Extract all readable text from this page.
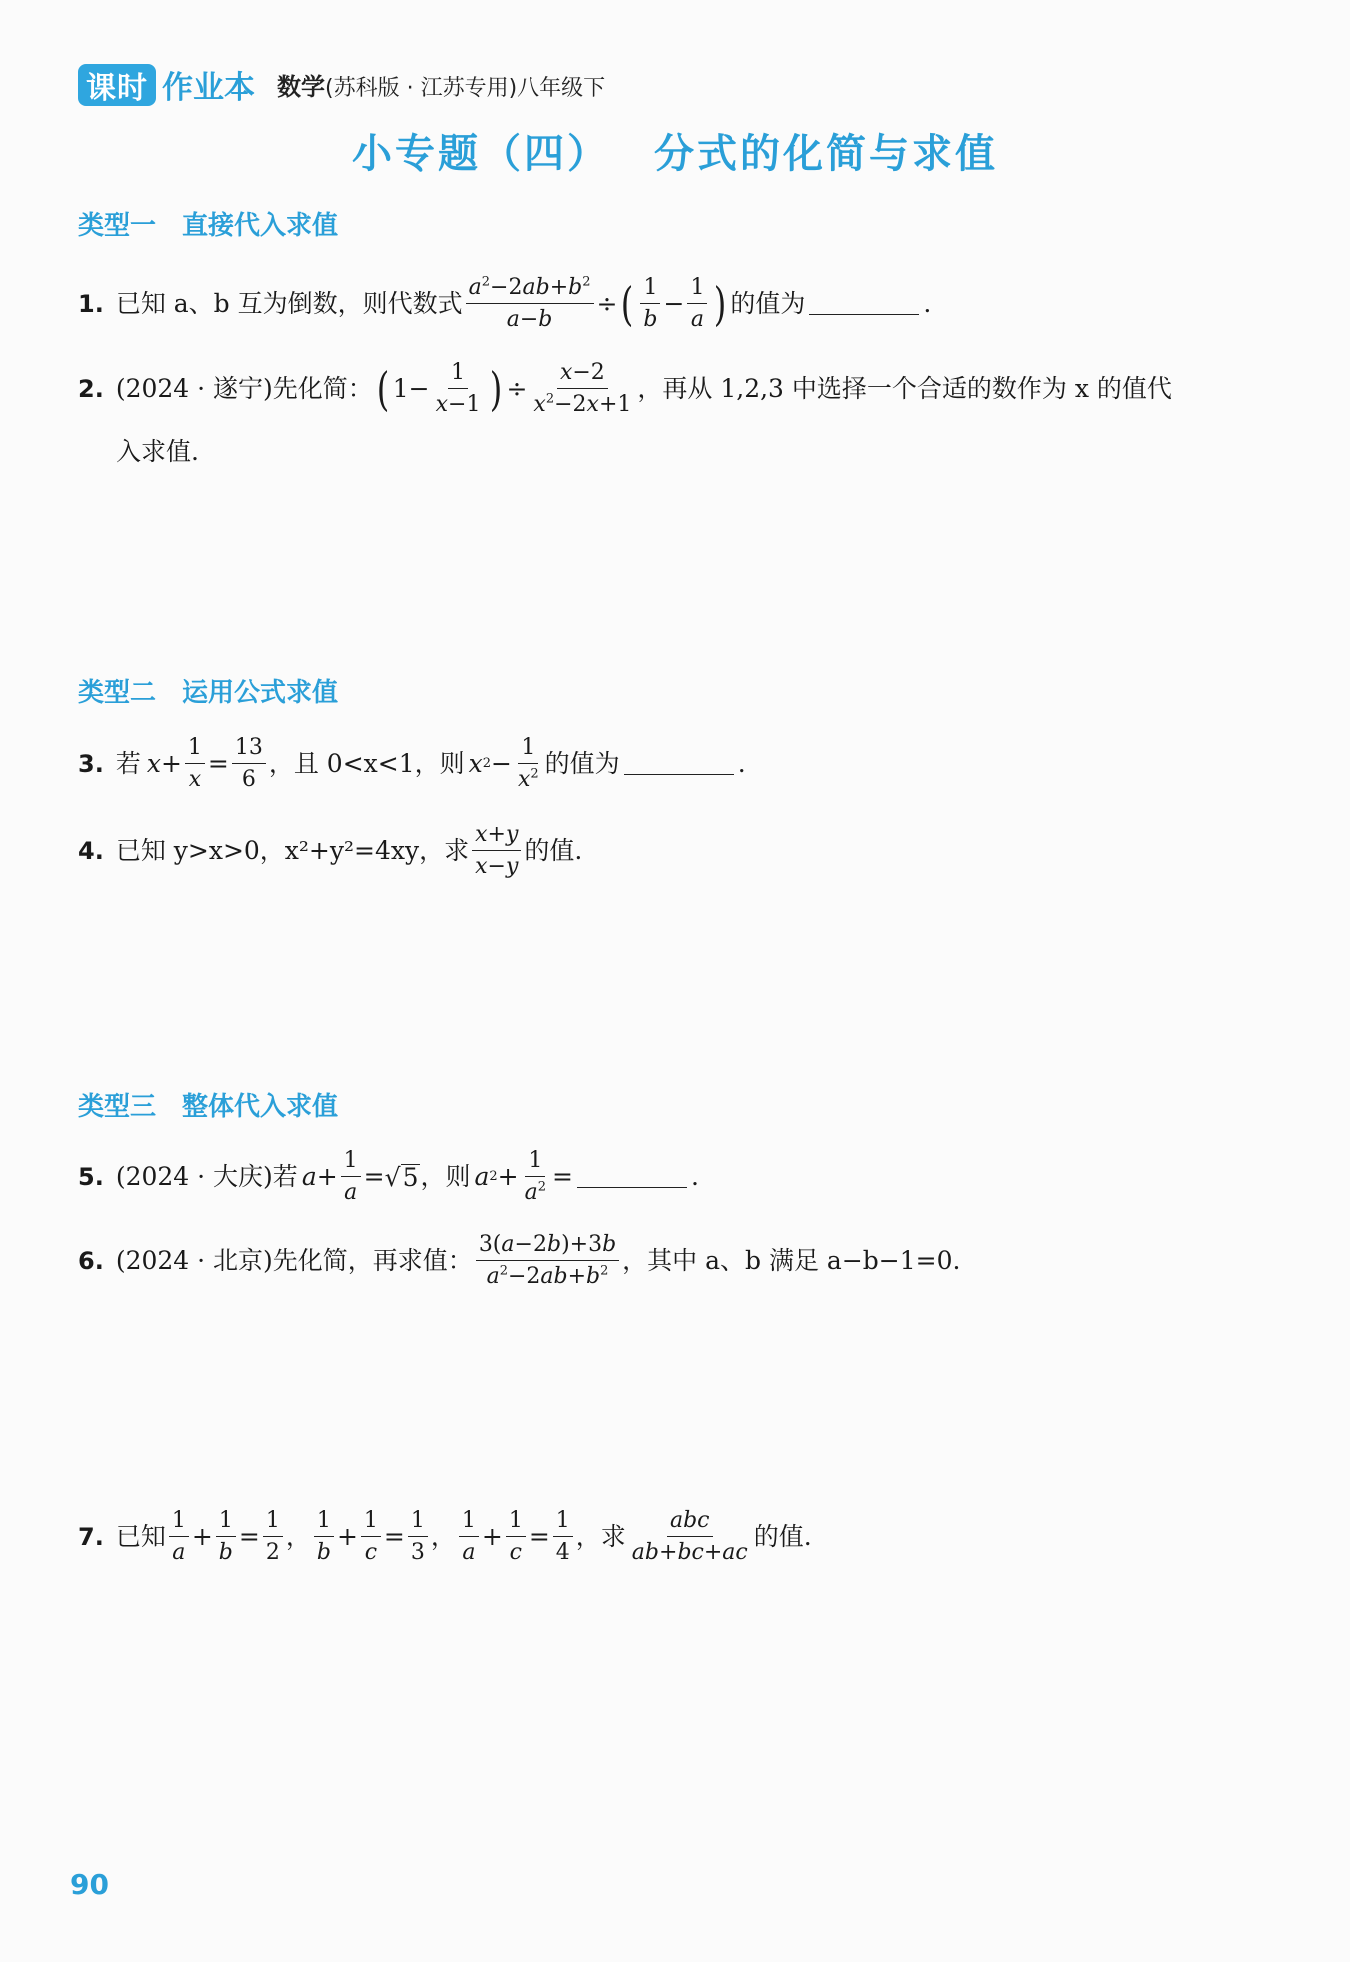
课时 作业本 数学(苏科版 · 江苏专用)八年级下
小专题（四） 分式的化简与求值
类型一 直接代入求值
1. 已知 a、b 互为倒数，则代数式 $\frac{a^2-2ab+b^2}{a-b}$ ÷ ( $\frac{1}{b} - \frac{1}{a}$ ) 的值为	.
2. (2024 · 遂宁)先化简： ( $1- \frac{1}{x-1}$ ) ÷ $\frac{x-2}{x^2-2x+1}$ ，再从 1,2,3 中选择一个合适的数作为 x 的值代
入求值.
类型二 运用公式求值
3. 若 $x + \frac{1}{x} = \frac{13}{6}$ ，且 0<x<1，则 x $2 - \frac{1}{x^2}$ 的值为	.
4. 已知 y>x>0，x²+y²=4xy，求 $\frac{x+y}{x-y}$ 的值.
类型三 整体代入求值
5. (2024 · 大庆)若 $a + \frac{1}{a}$ = √ 5 ，则 a $2 + \frac{1}{a^2}$ =	.
6. (2024 · 北京)先化简，再求值： $\frac{3(a-2b)+3b}{a^2-2ab+b^2}$ ，其中 a、b 满足 a−b−1=0.
7. 已知 $\frac{1}{a} + \frac{1}{b} = \frac{1}{2}$ ， $\frac{1}{b} + \frac{1}{c} = \frac{1}{3}$ ， $\frac{1}{a} + \frac{1}{c} = \frac{1}{4}$ ，求 $\frac{\text{abc}}{ab+bc+ac}$ 的值.
90
